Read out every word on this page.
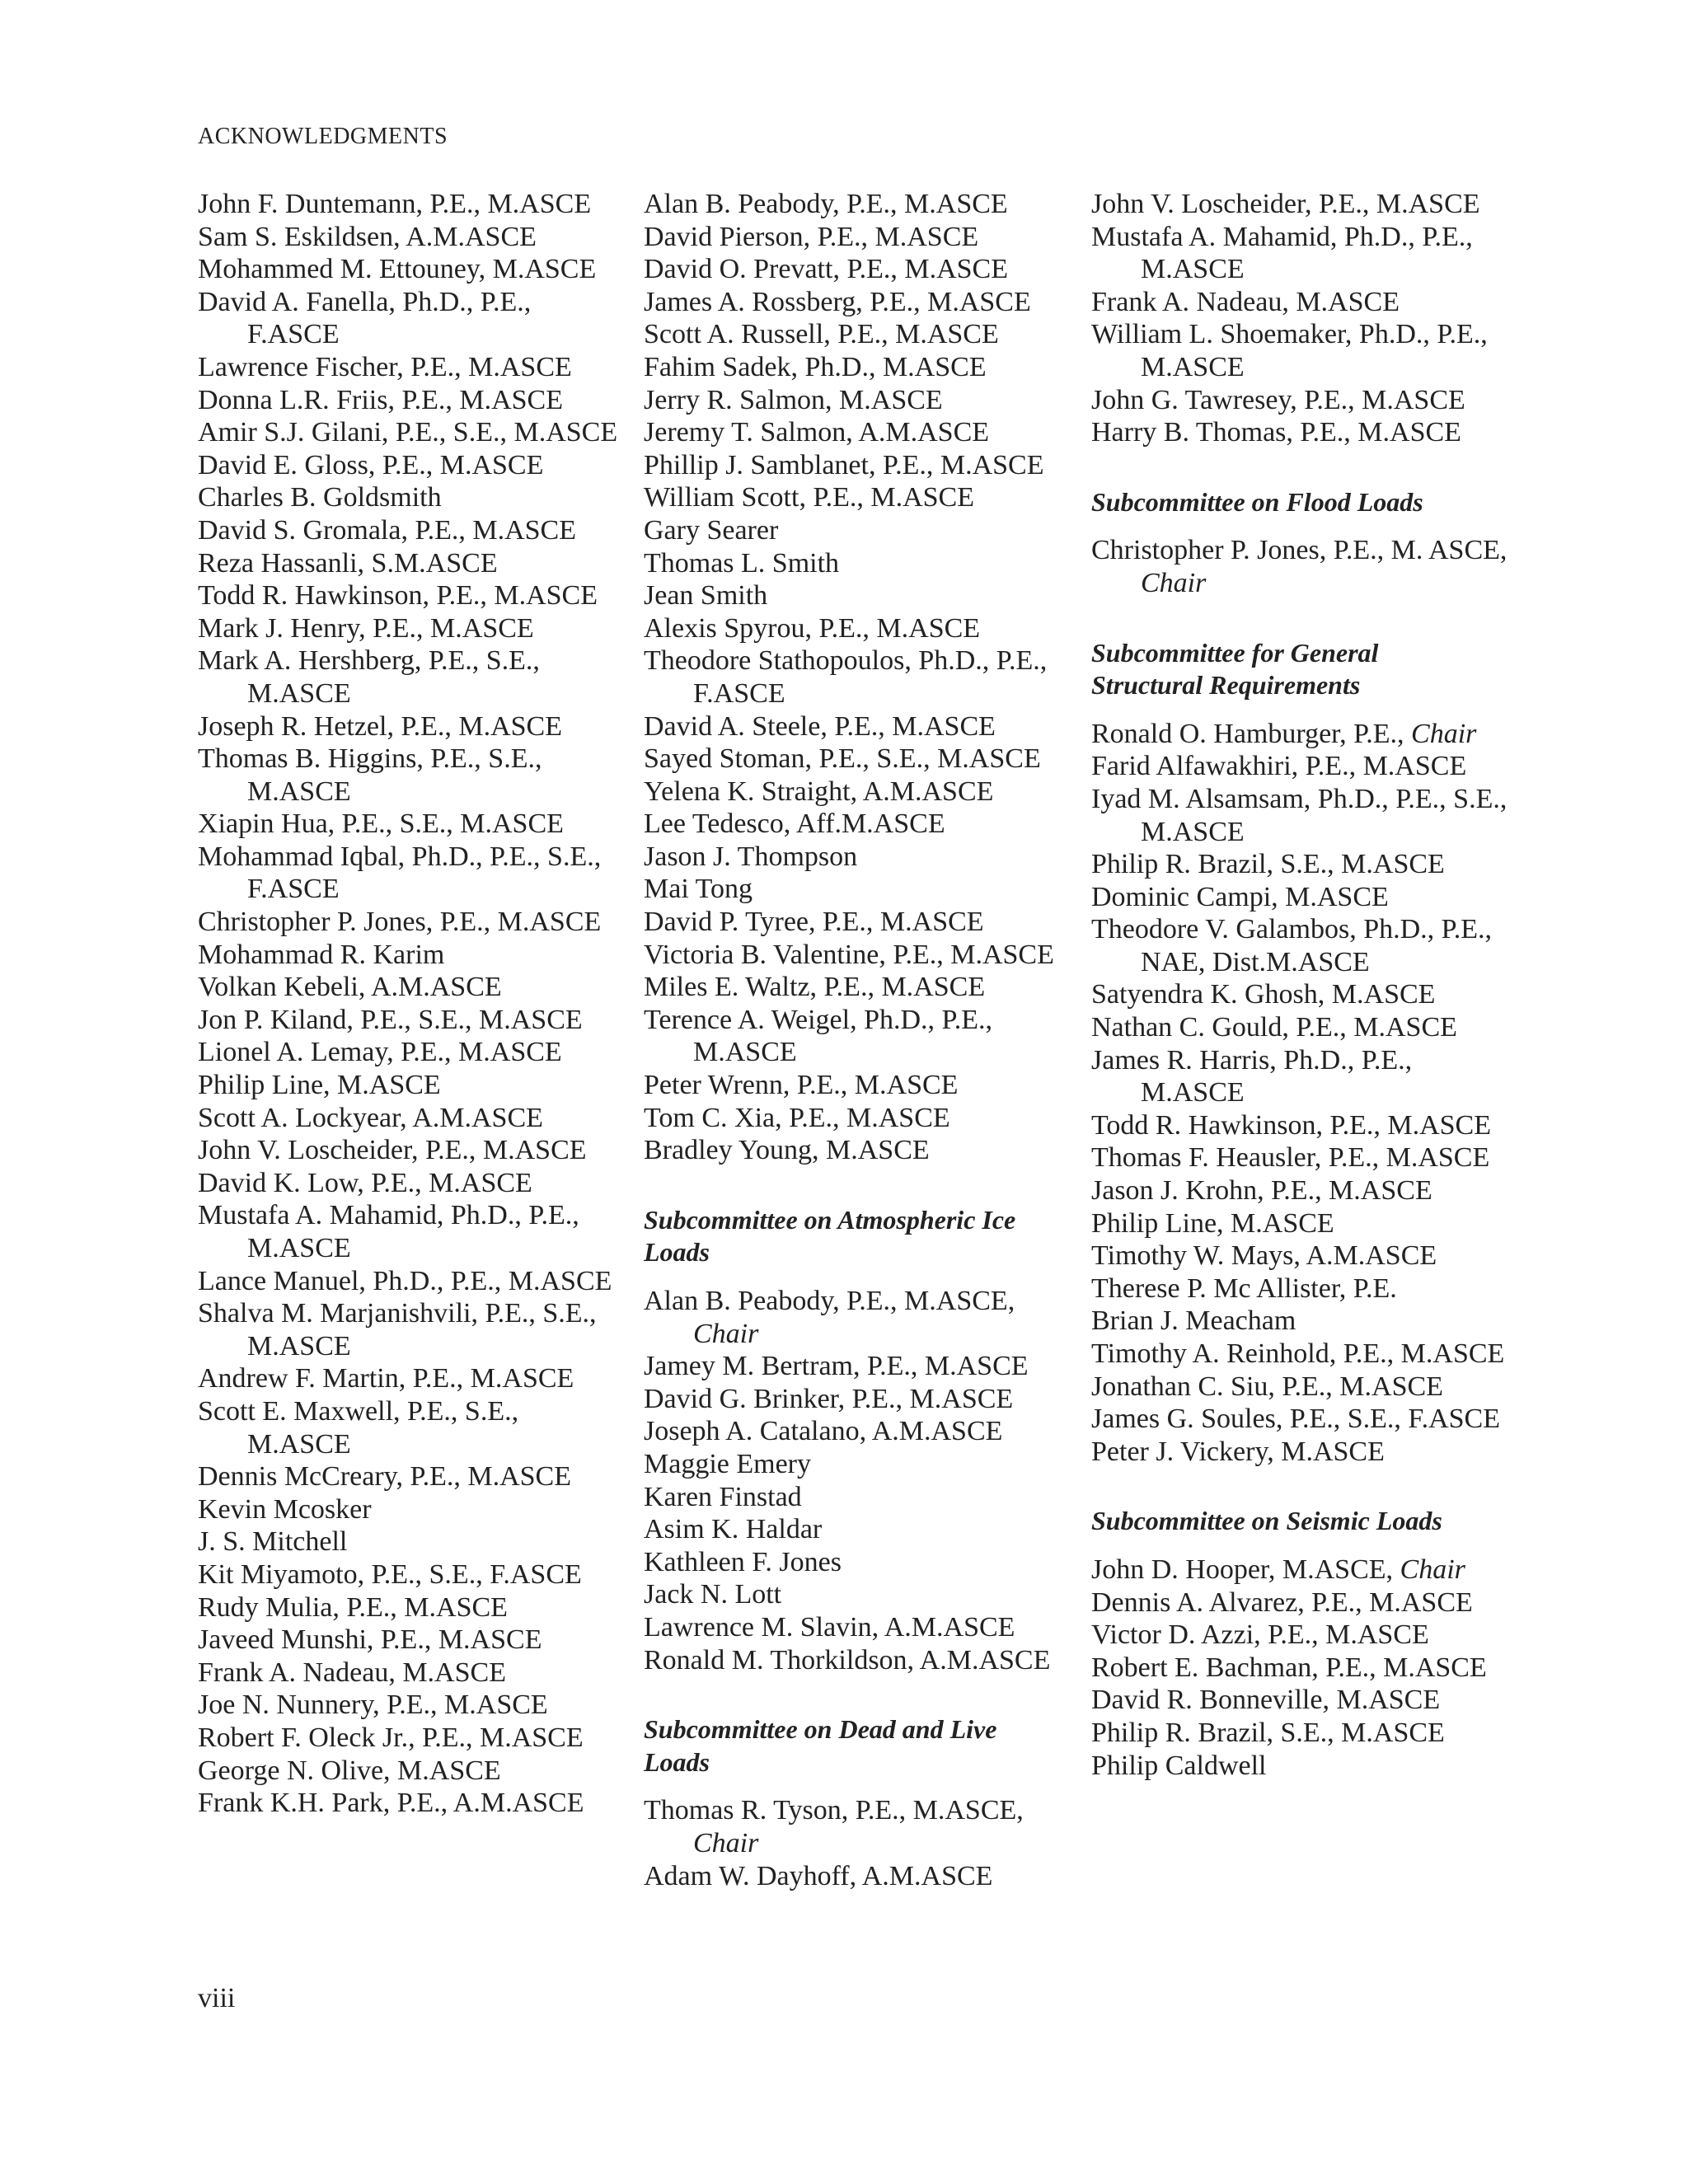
ACKNOWLEDGMENTS
John F. Duntemann, P.E., M.ASCE
Sam S. Eskildsen, A.M.ASCE
Mohammed M. Ettouney, M.ASCE
David A. Fanella, Ph.D., P.E., F.ASCE
Lawrence Fischer, P.E., M.ASCE
Donna L.R. Friis, P.E., M.ASCE
Amir S.J. Gilani, P.E., S.E., M.ASCE
David E. Gloss, P.E., M.ASCE
Charles B. Goldsmith
David S. Gromala, P.E., M.ASCE
Reza Hassanli, S.M.ASCE
Todd R. Hawkinson, P.E., M.ASCE
Mark J. Henry, P.E., M.ASCE
Mark A. Hershberg, P.E., S.E., M.ASCE
Joseph R. Hetzel, P.E., M.ASCE
Thomas B. Higgins, P.E., S.E., M.ASCE
Xiapin Hua, P.E., S.E., M.ASCE
Mohammad Iqbal, Ph.D., P.E., S.E., F.ASCE
Christopher P. Jones, P.E., M.ASCE
Mohammad R. Karim
Volkan Kebeli, A.M.ASCE
Jon P. Kiland, P.E., S.E., M.ASCE
Lionel A. Lemay, P.E., M.ASCE
Philip Line, M.ASCE
Scott A. Lockyear, A.M.ASCE
John V. Loscheider, P.E., M.ASCE
David K. Low, P.E., M.ASCE
Mustafa A. Mahamid, Ph.D., P.E., M.ASCE
Lance Manuel, Ph.D., P.E., M.ASCE
Shalva M. Marjanishvili, P.E., S.E., M.ASCE
Andrew F. Martin, P.E., M.ASCE
Scott E. Maxwell, P.E., S.E., M.ASCE
Dennis McCreary, P.E., M.ASCE
Kevin Mcosker
J. S. Mitchell
Kit Miyamoto, P.E., S.E., F.ASCE
Rudy Mulia, P.E., M.ASCE
Javeed Munshi, P.E., M.ASCE
Frank A. Nadeau, M.ASCE
Joe N. Nunnery, P.E., M.ASCE
Robert F. Oleck Jr., P.E., M.ASCE
George N. Olive, M.ASCE
Frank K.H. Park, P.E., A.M.ASCE
Alan B. Peabody, P.E., M.ASCE
David Pierson, P.E., M.ASCE
David O. Prevatt, P.E., M.ASCE
James A. Rossberg, P.E., M.ASCE
Scott A. Russell, P.E., M.ASCE
Fahim Sadek, Ph.D., M.ASCE
Jerry R. Salmon, M.ASCE
Jeremy T. Salmon, A.M.ASCE
Phillip J. Samblanet, P.E., M.ASCE
William Scott, P.E., M.ASCE
Gary Searer
Thomas L. Smith
Jean Smith
Alexis Spyrou, P.E., M.ASCE
Theodore Stathopoulos, Ph.D., P.E., F.ASCE
David A. Steele, P.E., M.ASCE
Sayed Stoman, P.E., S.E., M.ASCE
Yelena K. Straight, A.M.ASCE
Lee Tedesco, Aff.M.ASCE
Jason J. Thompson
Mai Tong
David P. Tyree, P.E., M.ASCE
Victoria B. Valentine, P.E., M.ASCE
Miles E. Waltz, P.E., M.ASCE
Terence A. Weigel, Ph.D., P.E., M.ASCE
Peter Wrenn, P.E., M.ASCE
Tom C. Xia, P.E., M.ASCE
Bradley Young, M.ASCE
Subcommittee on Atmospheric Ice Loads
Alan B. Peabody, P.E., M.ASCE, Chair
Jamey M. Bertram, P.E., M.ASCE
David G. Brinker, P.E., M.ASCE
Joseph A. Catalano, A.M.ASCE
Maggie Emery
Karen Finstad
Asim K. Haldar
Kathleen F. Jones
Jack N. Lott
Lawrence M. Slavin, A.M.ASCE
Ronald M. Thorkildson, A.M.ASCE
Subcommittee on Dead and Live Loads
Thomas R. Tyson, P.E., M.ASCE, Chair
Adam W. Dayhoff, A.M.ASCE
John V. Loscheider, P.E., M.ASCE
Mustafa A. Mahamid, Ph.D., P.E., M.ASCE
Frank A. Nadeau, M.ASCE
William L. Shoemaker, Ph.D., P.E., M.ASCE
John G. Tawresey, P.E., M.ASCE
Harry B. Thomas, P.E., M.ASCE
Subcommittee on Flood Loads
Christopher P. Jones, P.E., M. ASCE, Chair
Subcommittee for General Structural Requirements
Ronald O. Hamburger, P.E., Chair
Farid Alfawakhiri, P.E., M.ASCE
Iyad M. Alsamsam, Ph.D., P.E., S.E., M.ASCE
Philip R. Brazil, S.E., M.ASCE
Dominic Campi, M.ASCE
Theodore V. Galambos, Ph.D., P.E., NAE, Dist.M.ASCE
Satyendra K. Ghosh, M.ASCE
Nathan C. Gould, P.E., M.ASCE
James R. Harris, Ph.D., P.E., M.ASCE
Todd R. Hawkinson, P.E., M.ASCE
Thomas F. Heausler, P.E., M.ASCE
Jason J. Krohn, P.E., M.ASCE
Philip Line, M.ASCE
Timothy W. Mays, A.M.ASCE
Therese P. Mc Allister, P.E.
Brian J. Meacham
Timothy A. Reinhold, P.E., M.ASCE
Jonathan C. Siu, P.E., M.ASCE
James G. Soules, P.E., S.E., F.ASCE
Peter J. Vickery, M.ASCE
Subcommittee on Seismic Loads
John D. Hooper, M.ASCE, Chair
Dennis A. Alvarez, P.E., M.ASCE
Victor D. Azzi, P.E., M.ASCE
Robert E. Bachman, P.E., M.ASCE
David R. Bonneville, M.ASCE
Philip R. Brazil, S.E., M.ASCE
Philip Caldwell
viii
